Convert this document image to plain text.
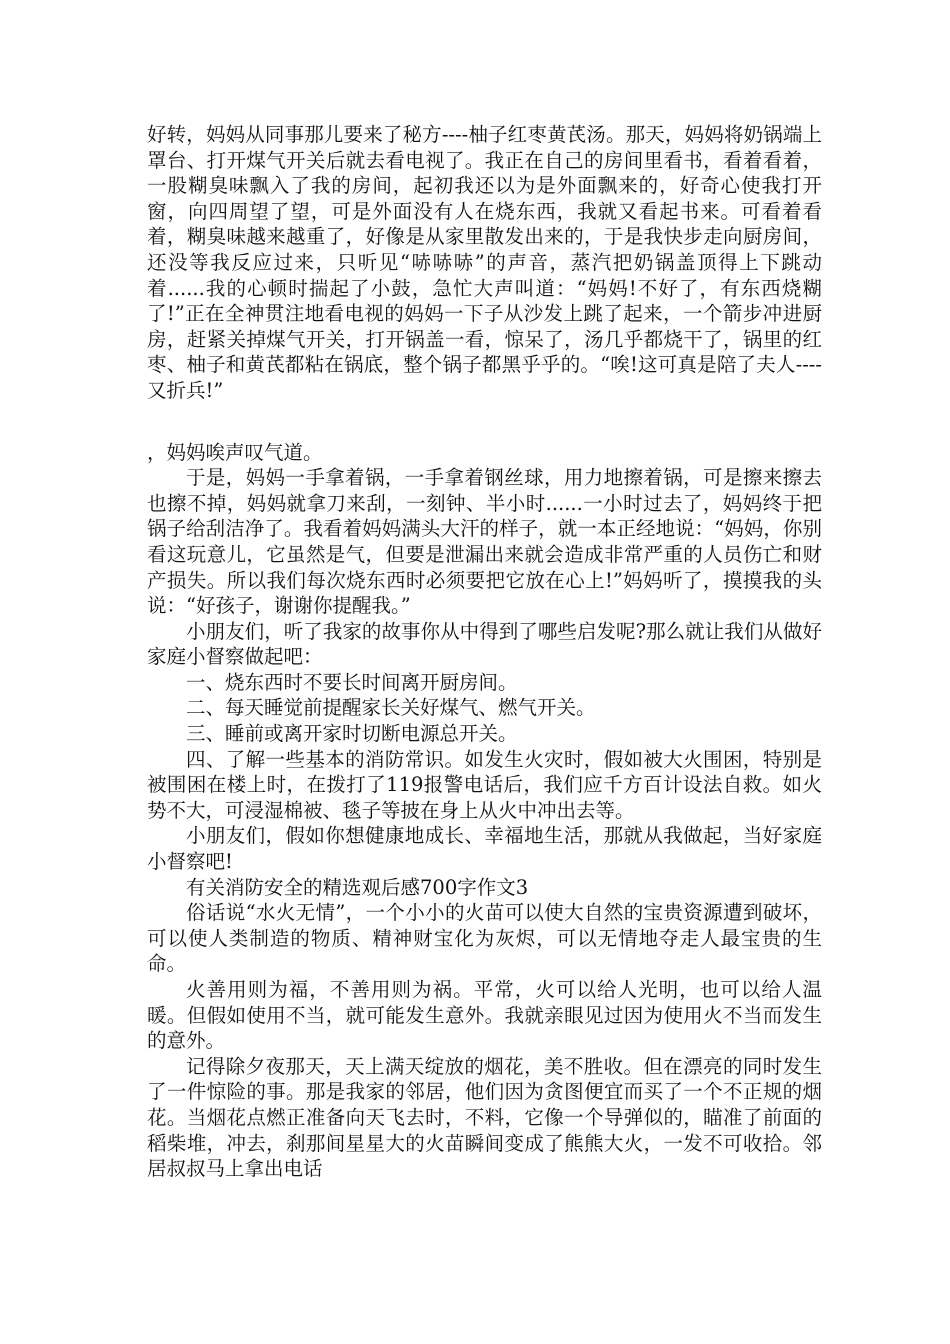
好转，妈妈从同事那儿要来了秘方----柚子红枣黄芪汤。那天，妈妈将奶锅端上罩台、打开煤气开关后就去看电视了。我正在自己的房间里看书，看着看着，一股糊臭味飘入了我的房间，起初我还以为是外面飘来的，好奇心使我打开窗，向四周望了望，可是外面没有人在烧东西，我就又看起书来。可看着看着，糊臭味越来越重了，好像是从家里散发出来的，于是我快步走向厨房间，还没等我反应过来，只听见“哧哧哧”的声音，蒸汽把奶锅盖顶得上下跳动着......我的心顿时揣起了小鼓，急忙大声叫道：“妈妈!不好了，有东西烧糊了!”正在全神贯注地看电视的妈妈一下子从沙发上跳了起来，一个箭步冲进厨房，赶紧关掉煤气开关，打开锅盖一看，惊呆了，汤几乎都烧干了，锅里的红枣、柚子和黄芪都粘在锅底，整个锅子都黑乎乎的。“唉!这可真是陪了夫人----又折兵!”

，妈妈唉声叹气道。

于是，妈妈一手拿着锅，一手拿着钢丝球，用力地擦着锅，可是擦来擦去也擦不掉，妈妈就拿刀来刮，一刻钟、半小时......一小时过去了，妈妈终于把锅子给刮洁净了。我看着妈妈满头大汗的样子，就一本正经地说：“妈妈，你别看这玩意儿，它虽然是气，但要是泄漏出来就会造成非常严重的人员伤亡和财产损失。所以我们每次烧东西时必须要把它放在心上!”妈妈听了，摸摸我的头说：“好孩子，谢谢你提醒我。”

小朋友们，听了我家的故事你从中得到了哪些启发呢?那么就让我们从做好家庭小督察做起吧：

一、烧东西时不要长时间离开厨房间。

二、每天睡觉前提醒家长关好煤气、燃气开关。

三、睡前或离开家时切断电源总开关。

四、了解一些基本的消防常识。如发生火灾时，假如被大火围困，特别是被围困在楼上时，在拨打了119报警电话后，我们应千方百计设法自救。如火势不大，可浸湿棉被、毯子等披在身上从火中冲出去等。

小朋友们，假如你想健康地成长、幸福地生活，那就从我做起，当好家庭小督察吧!

有关消防安全的精选观后感700字作文3

俗话说“水火无情”，一个小小的火苗可以使大自然的宝贵资源遭到破坏，可以使人类制造的物质、精神财宝化为灰烬，可以无情地夺走人最宝贵的生命。

火善用则为福，不善用则为祸。平常，火可以给人光明，也可以给人温暖。但假如使用不当，就可能发生意外。我就亲眼见过因为使用火不当而发生的意外。

记得除夕夜那天，天上满天绽放的烟花，美不胜收。但在漂亮的同时发生了一件惊险的事。那是我家的邻居，他们因为贪图便宜而买了一个不正规的烟花。当烟花点燃正准备向天飞去时，不料，它像一个导弹似的，瞄准了前面的稻柴堆，冲去，刹那间星星大的火苗瞬间变成了熊熊大火，一发不可收拾。邻居叔叔马上拿出电话
